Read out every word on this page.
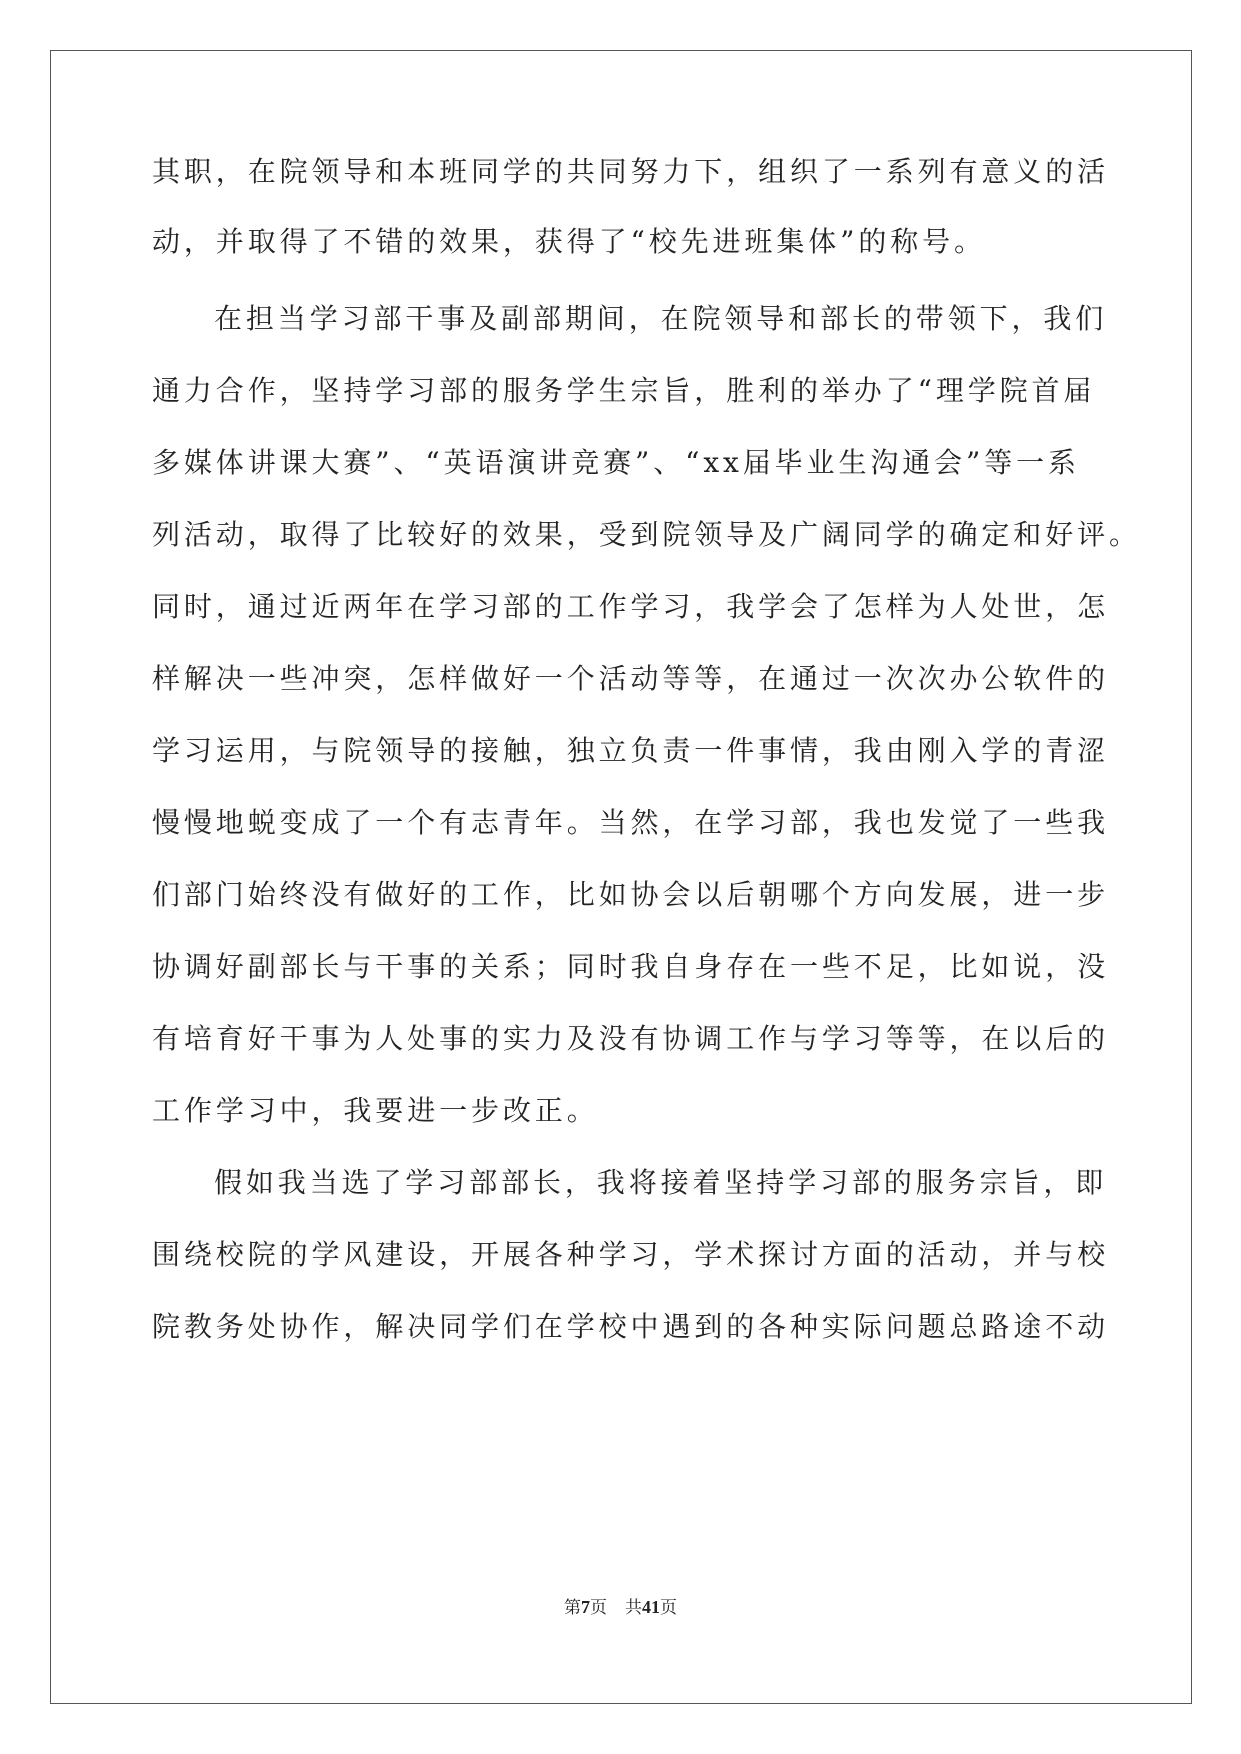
其职，在院领导和本班同学的共同努力下，组织了一系列有意义的活
动，并取得了不错的效果，获得了“校先进班集体”的称号。
在担当学习部干事及副部期间，在院领导和部长的带领下，我们
通力合作，坚持学习部的服务学生宗旨，胜利的举办了“理学院首届
多媒体讲课大赛”、“英语演讲竞赛”、“xx届毕业生沟通会”等一系
列活动，取得了比较好的效果，受到院领导及广阔同学的确定和好评。
同时，通过近两年在学习部的工作学习，我学会了怎样为人处世，怎
样解决一些冲突，怎样做好一个活动等等，在通过一次次办公软件的
学习运用，与院领导的接触，独立负责一件事情，我由刚入学的青涩
慢慢地蜕变成了一个有志青年。当然，在学习部，我也发觉了一些我
们部门始终没有做好的工作，比如协会以后朝哪个方向发展，进一步
协调好副部长与干事的关系；同时我自身存在一些不足，比如说，没
有培育好干事为人处事的实力及没有协调工作与学习等等，在以后的
工作学习中，我要进一步改正。
假如我当选了学习部部长，我将接着坚持学习部的服务宗旨，即
围绕校院的学风建设，开展各种学习，学术探讨方面的活动，并与校
院教务处协作，解决同学们在学校中遇到的各种实际问题总路途不动
第7页 共41页
